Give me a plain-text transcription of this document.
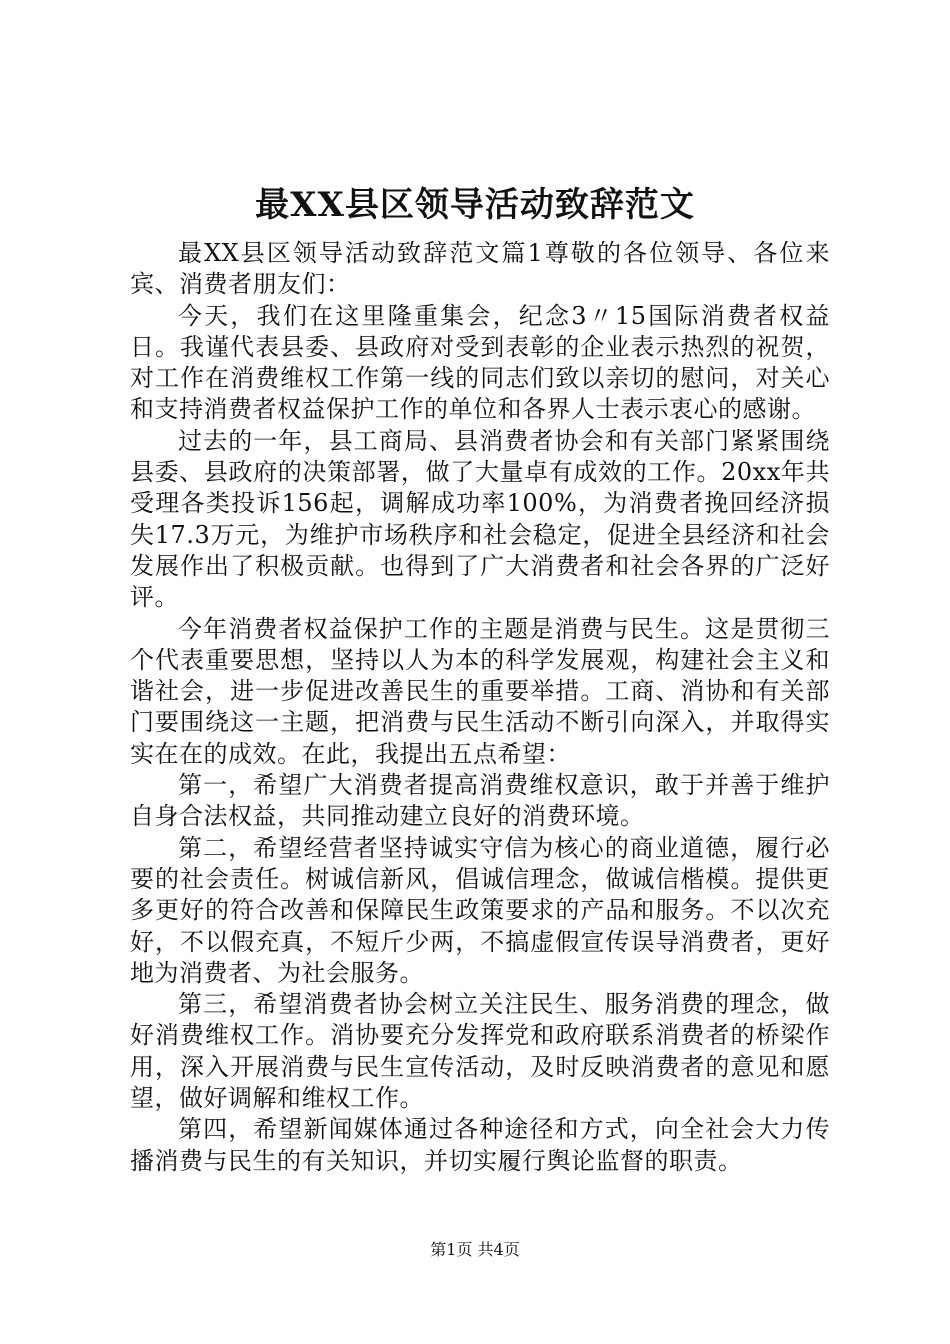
最XX县区领导活动致辞范文

最XX县区领导活动致辞范文篇1尊敬的各位领导、各位来宾、消费者朋友们：

今天，我们在这里隆重集会，纪念3〃15国际消费者权益日。我谨代表县委、县政府对受到表彰的企业表示热烈的祝贺，对工作在消费维权工作第一线的同志们致以亲切的慰问，对关心和支持消费者权益保护工作的单位和各界人士表示衷心的感谢。

过去的一年，县工商局、县消费者协会和有关部门紧紧围绕县委、县政府的决策部署，做了大量卓有成效的工作。20xx年共受理各类投诉156起，调解成功率100%，为消费者挽回经济损失17.3万元，为维护市场秩序和社会稳定，促进全县经济和社会发展作出了积极贡献。也得到了广大消费者和社会各界的广泛好评。

今年消费者权益保护工作的主题是消费与民生。这是贯彻三个代表重要思想，坚持以人为本的科学发展观，构建社会主义和谐社会，进一步促进改善民生的重要举措。工商、消协和有关部门要围绕这一主题，把消费与民生活动不断引向深入，并取得实实在在的成效。在此，我提出五点希望：

第一，希望广大消费者提高消费维权意识，敢于并善于维护自身合法权益，共同推动建立良好的消费环境。

第二，希望经营者坚持诚实守信为核心的商业道德，履行必要的社会责任。树诚信新风，倡诚信理念，做诚信楷模。提供更多更好的符合改善和保障民生政策要求的产品和服务。不以次充好，不以假充真，不短斤少两，不搞虚假宣传误导消费者，更好地为消费者、为社会服务。

第三，希望消费者协会树立关注民生、服务消费的理念，做好消费维权工作。消协要充分发挥党和政府联系消费者的桥梁作用，深入开展消费与民生宣传活动，及时反映消费者的意见和愿望，做好调解和维权工作。

第四，希望新闻媒体通过各种途径和方式，向全社会大力传播消费与民生的有关知识，并切实履行舆论监督的职责。

第1页 共4页
